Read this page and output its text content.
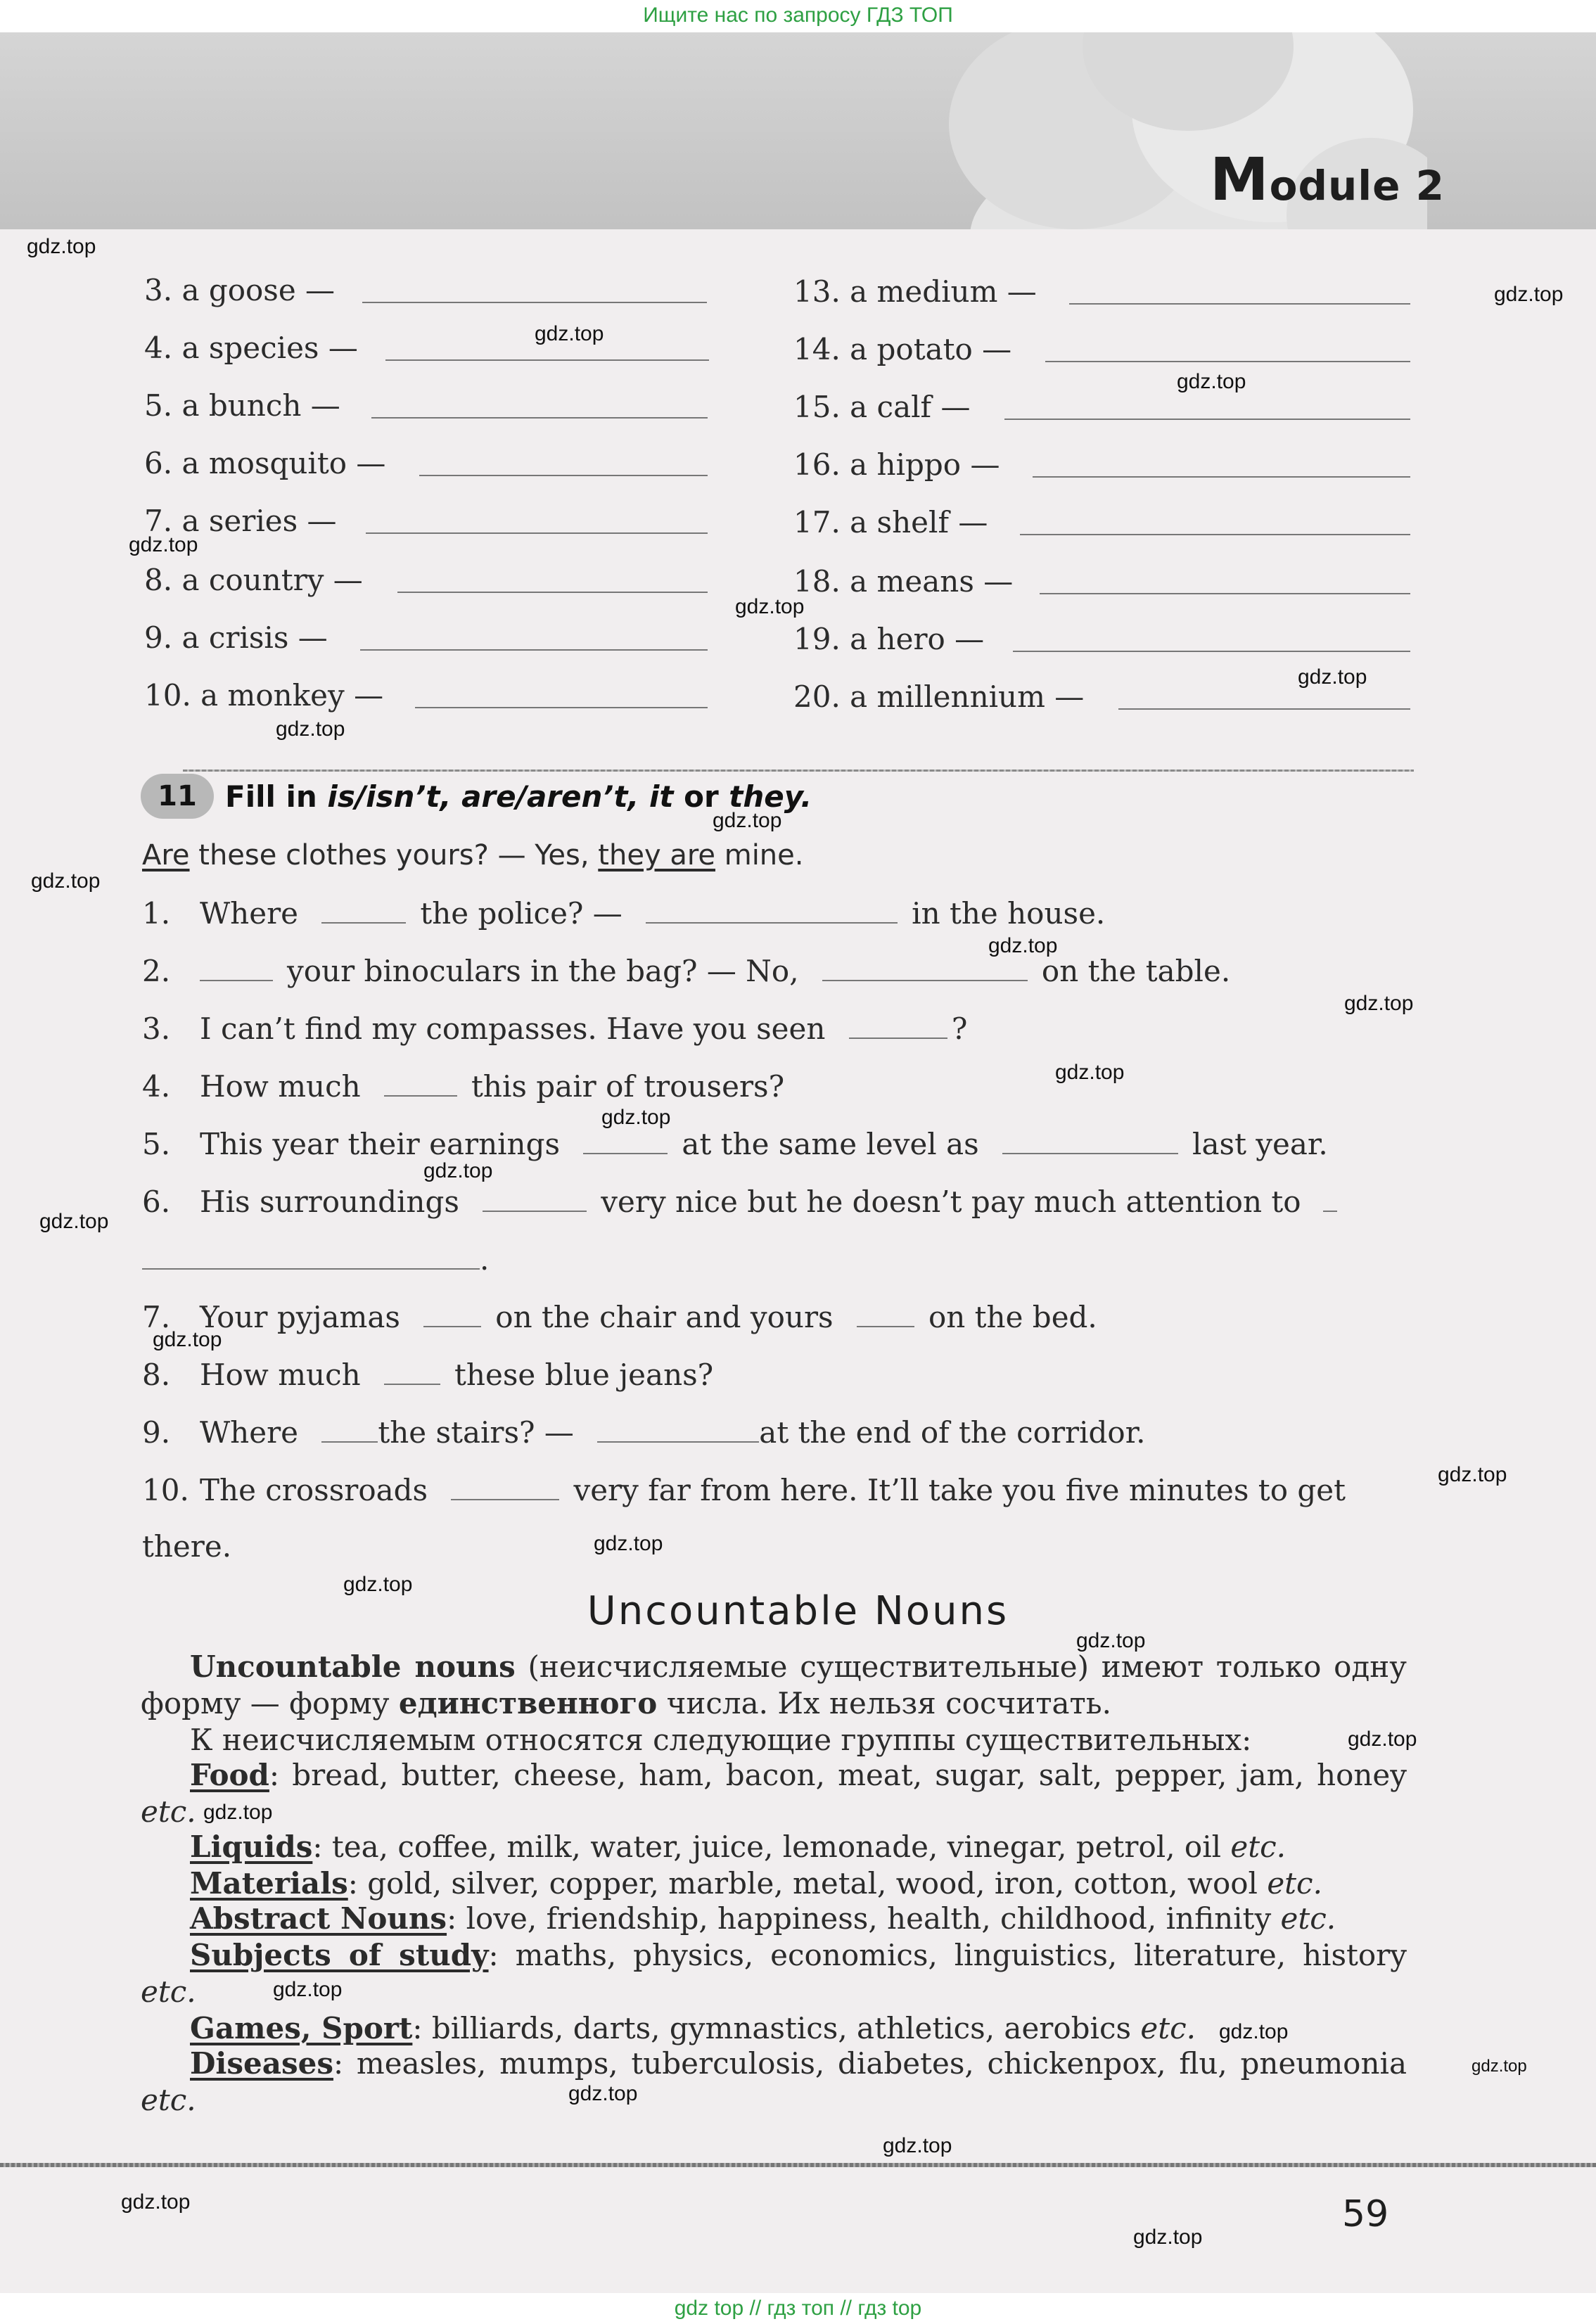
Ищите нас по запросу ГДЗ ТОП
Module 2
3. a goose —
4. a species —
5. a bunch —
6. a mosquito —
7. a series —
8. a country —
9. a crisis —
10. a monkey —
13. a medium —
14. a potato —
15. a calf —
16. a hippo —
17. a shelf —
18. a means —
19. a hero —
20. a millennium —
11 Fill in is/isn’t, are/aren’t, it or they.
Are these clothes yours? — Yes, they are mine.
1. Where	the police? —	in the house.
2.	your binoculars in the bag? — No,	on the table.
3. I can’t find my compasses. Have you seen	?
4. How much	this pair of trousers?
5. This year their earnings	at the same level as	last year.
6. His surroundings	very nice but he doesn’t pay much attention to
.
7. Your pyjamas	on the chair and yours	on the bed.
8. How much	these blue jeans?
9. Where	the stairs? —	at the end of the corridor.
10. The crossroads	very far from here. It’ll take you five minutes to get
there.
Uncountable Nouns
Uncountable nouns (неисчисляемые существительные) имеют только одну
форму — форму единственного числа. Их нельзя сосчитать.
К неисчисляемым относятся следующие группы существительных:
Food: bread, butter, cheese, ham, bacon, meat, sugar, salt, pepper, jam, honey
etc.
Liquids: tea, coffee, milk, water, juice, lemonade, vinegar, petrol, oil etc.
Materials: gold, silver, copper, marble, metal, wood, iron, cotton, wool etc.
Abstract Nouns: love, friendship, happiness, health, childhood, infinity etc.
Subjects of study: maths, physics, economics, linguistics, literature, history
etc.
Games, Sport: billiards, darts, gymnastics, athletics, aerobics etc.
Diseases: measles, mumps, tuberculosis, diabetes, chickenpox, flu, pneumonia
etc.
59
gdz.top
gdz.top
gdz.top
gdz.top
gdz.top
gdz.top
gdz.top
gdz.top
gdz.top
gdz.top
gdz.top
gdz.top
gdz.top
gdz.top
gdz.top
gdz.top
gdz.top
gdz.top
gdz.top
gdz.top
gdz.top
gdz.top
gdz.top
gdz.top
gdz.top
gdz.top
gdz.top
gdz.top
gdz.top
gdz.top
gdz top // гдз топ // гдз top
